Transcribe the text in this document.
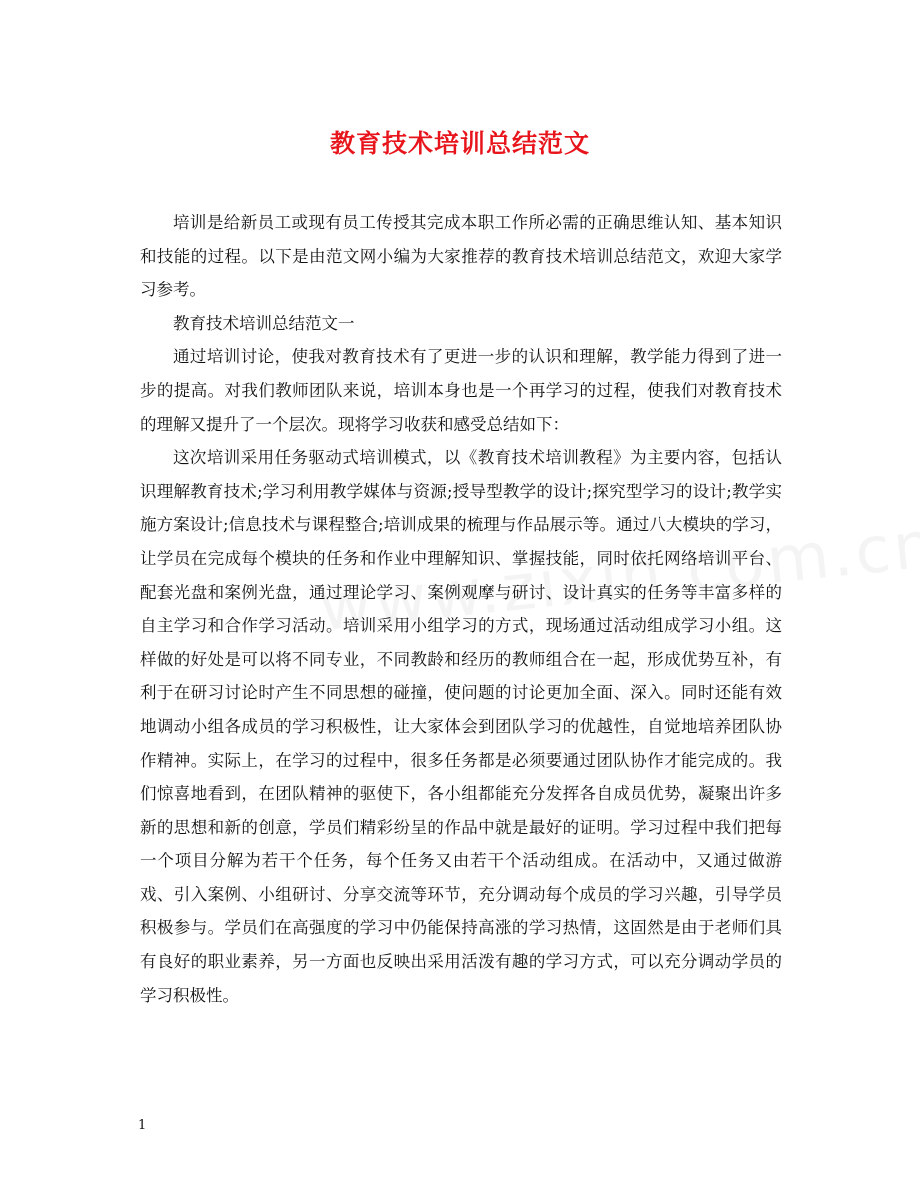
教育技术培训总结范文

培训是给新员工或现有员工传授其完成本职工作所必需的正确思维认知、基本知识和技能的过程。以下是由范文网小编为大家推荐的教育技术培训总结范文，欢迎大家学习参考。

教育技术培训总结范文一

通过培训讨论，使我对教育技术有了更进一步的认识和理解，教学能力得到了进一步的提高。对我们教师团队来说，培训本身也是一个再学习的过程，使我们对教育技术的理解又提升了一个层次。现将学习收获和感受总结如下：

这次培训采用任务驱动式培训模式，以《教育技术培训教程》为主要内容，包括认识理解教育技术;学习利用教学媒体与资源;授导型教学的设计;探究型学习的设计;教学实施方案设计;信息技术与课程整合;培训成果的梳理与作品展示等。通过八大模块的学习，让学员在完成每个模块的任务和作业中理解知识、掌握技能，同时依托网络培训平台、配套光盘和案例光盘，通过理论学习、案例观摩与研讨、设计真实的任务等丰富多样的自主学习和合作学习活动。培训采用小组学习的方式，现场通过活动组成学习小组。这样做的好处是可以将不同专业，不同教龄和经历的教师组合在一起，形成优势互补，有利于在研习讨论时产生不同思想的碰撞，使问题的讨论更加全面、深入。同时还能有效地调动小组各成员的学习积极性，让大家体会到团队学习的优越性，自觉地培养团队协作精神。实际上，在学习的过程中，很多任务都是必须要通过团队协作才能完成的。我们惊喜地看到，在团队精神的驱使下，各小组都能充分发挥各自成员优势，凝聚出许多新的思想和新的创意，学员们精彩纷呈的作品中就是最好的证明。学习过程中我们把每一个项目分解为若干个任务，每个任务又由若干个活动组成。在活动中，又通过做游戏、引入案例、小组研讨、分享交流等环节，充分调动每个成员的学习兴趣，引导学员积极参与。学员们在高强度的学习中仍能保持高涨的学习热情，这固然是由于老师们具有良好的职业素养，另一方面也反映出采用活泼有趣的学习方式，可以充分调动学员的学习积极性。

1
